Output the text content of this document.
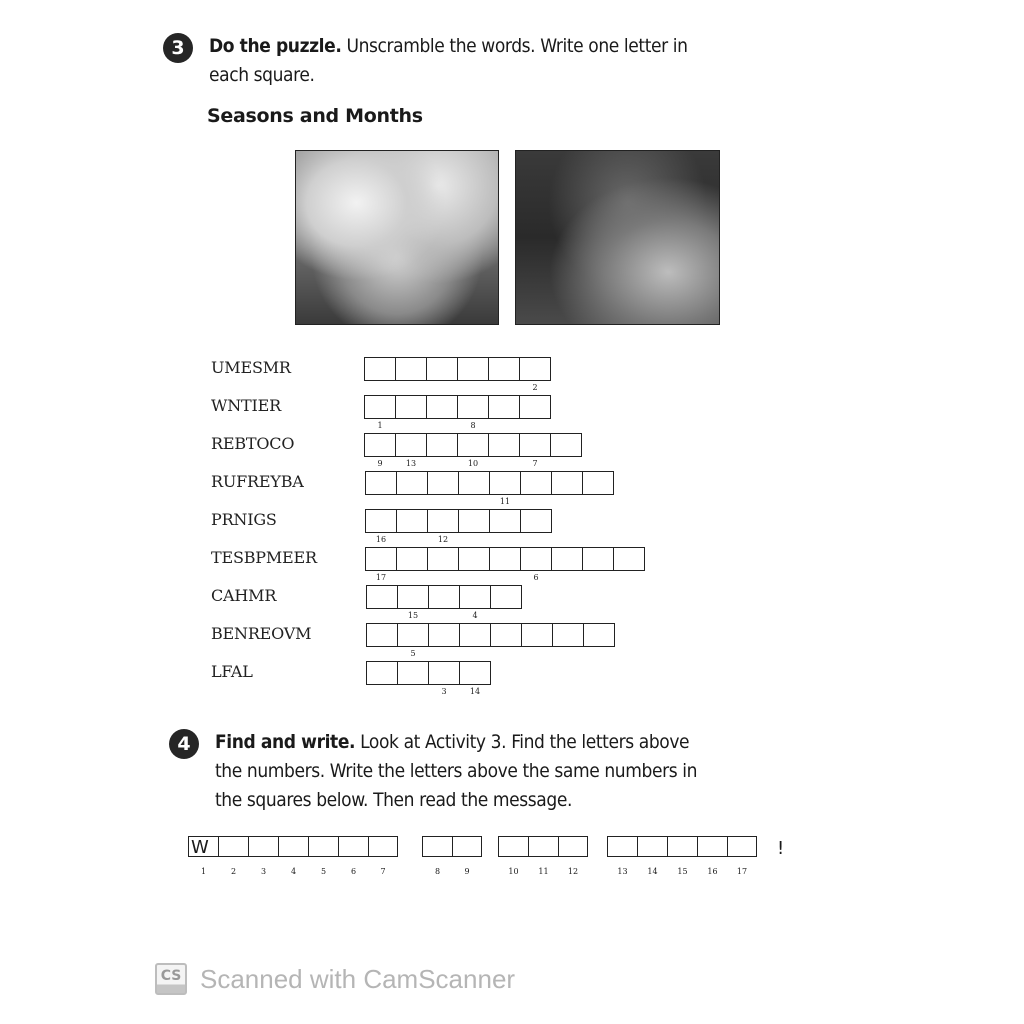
3	Do the puzzle. Unscramble the words. Write one letter in
each square.
Seasons and Months
UMESMR
2
WNTIER
1	8
REBTOCO
9	13	10	7
RUFREYBA
11
PRNIGS
16	12
TESBPMEER
17	6
CAHMR
15	4
BENREOVM
5
LFAL
3	14
4	Find and write. Look at Activity 3. Find the letters above
the numbers. Write the letters above the same numbers in
the squares below. Then read the message.
W
1	2	3	4	5	6	7	8	9	10	11	12	13	14	15	16	17
!
CS Scanned with CamScanner
